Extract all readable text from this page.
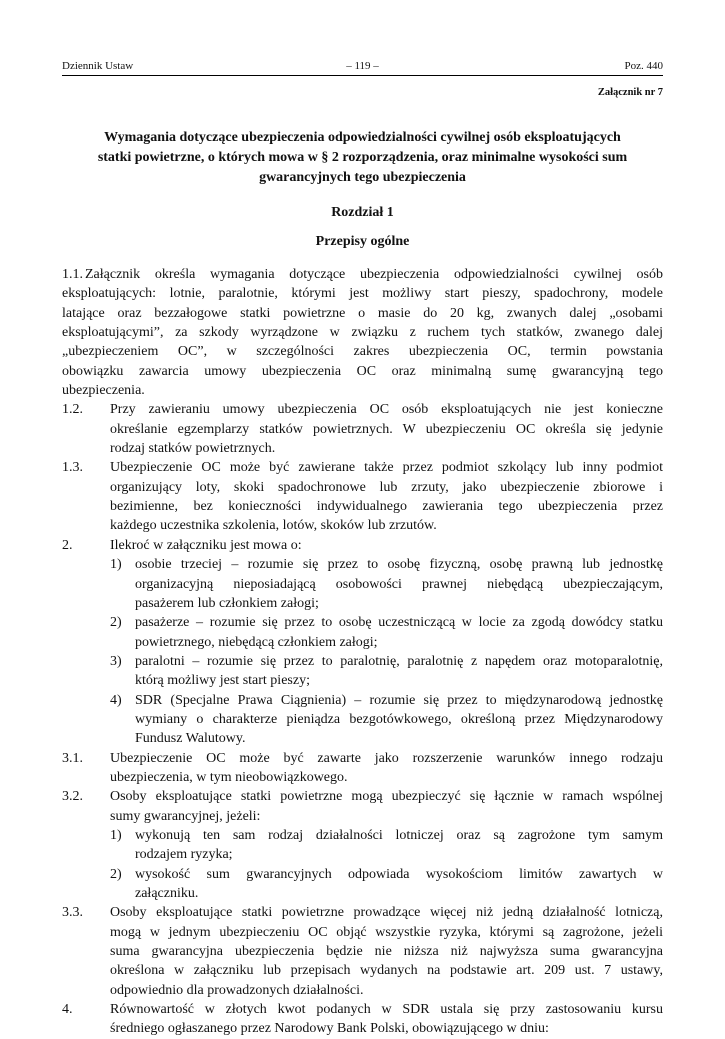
Dziennik Ustaw	– 119 –	Poz. 440
Załącznik nr 7
Wymagania dotyczące ubezpieczenia odpowiedzialności cywilnej osób eksploatujących
statki powietrzne, o których mowa w § 2 rozporządzenia, oraz minimalne wysokości sum
gwarancyjnych tego ubezpieczenia
Rozdział 1
Przepisy ogólne
1.1. Załącznik określa wymagania dotyczące ubezpieczenia odpowiedzialności cywilnej osób
eksploatujących: lotnie, paralotnie, którymi jest możliwy start pieszy, spadochrony, modele
latające oraz bezzałogowe statki powietrzne o masie do 20 kg, zwanych dalej „osobami
eksploatującymi”, za szkody wyrządzone w związku z ruchem tych statków, zwanego dalej
„ubezpieczeniem OC”, w szczególności zakres ubezpieczenia OC, termin powstania
obowiązku zawarcia umowy ubezpieczenia OC oraz minimalną sumę gwarancyjną tego
ubezpieczenia.
1.2. Przy zawieraniu umowy ubezpieczenia OC osób eksploatujących nie jest konieczne
określanie egzemplarzy statków powietrznych. W ubezpieczeniu OC określa się jedynie
rodzaj statków powietrznych.
1.3. Ubezpieczenie OC może być zawierane także przez podmiot szkolący lub inny podmiot
organizujący loty, skoki spadochronowe lub zrzuty, jako ubezpieczenie zbiorowe i
bezimienne, bez konieczności indywidualnego zawierania tego ubezpieczenia przez
każdego uczestnika szkolenia, lotów, skoków lub zrzutów.
2.	Ilekroć w załączniku jest mowa o:
1) osobie trzeciej – rozumie się przez to osobę fizyczną, osobę prawną lub jednostkę
organizacyjną nieposiadającą osobowości prawnej niebędącą ubezpieczającym,
pasażerem lub członkiem załogi;
2) pasażerze – rozumie się przez to osobę uczestniczącą w locie za zgodą dowódcy statku
powietrznego, niebędącą członkiem załogi;
3) paralotni – rozumie się przez to paralotnię, paralotnię z napędem oraz motoparalotnię,
którą możliwy jest start pieszy;
4) SDR (Specjalne Prawa Ciągnienia) – rozumie się przez to międzynarodową jednostkę
wymiany o charakterze pieniądza bezgotówkowego, określoną przez Międzynarodowy
Fundusz Walutowy.
3.1. Ubezpieczenie OC może być zawarte jako rozszerzenie warunków innego rodzaju
ubezpieczenia, w tym nieobowiązkowego.
3.2. Osoby eksploatujące statki powietrzne mogą ubezpieczyć się łącznie w ramach wspólnej
sumy gwarancyjnej, jeżeli:
1) wykonują ten sam rodzaj działalności lotniczej oraz są zagrożone tym samym
rodzajem ryzyka;
2) wysokość sum gwarancyjnych odpowiada wysokościom limitów zawartych w
załączniku.
3.3. Osoby eksploatujące statki powietrzne prowadzące więcej niż jedną działalność lotniczą,
mogą w jednym ubezpieczeniu OC objąć wszystkie ryzyka, którymi są zagrożone, jeżeli
suma gwarancyjna ubezpieczenia będzie nie niższa niż najwyższa suma gwarancyjna
określona w załączniku lub przepisach wydanych na podstawie art. 209 ust. 7 ustawy,
odpowiednio dla prowadzonych działalności.
4.	Równowartość w złotych kwot podanych w SDR ustala się przy zastosowaniu kursu
średniego ogłaszanego przez Narodowy Bank Polski, obowiązującego w dniu:
